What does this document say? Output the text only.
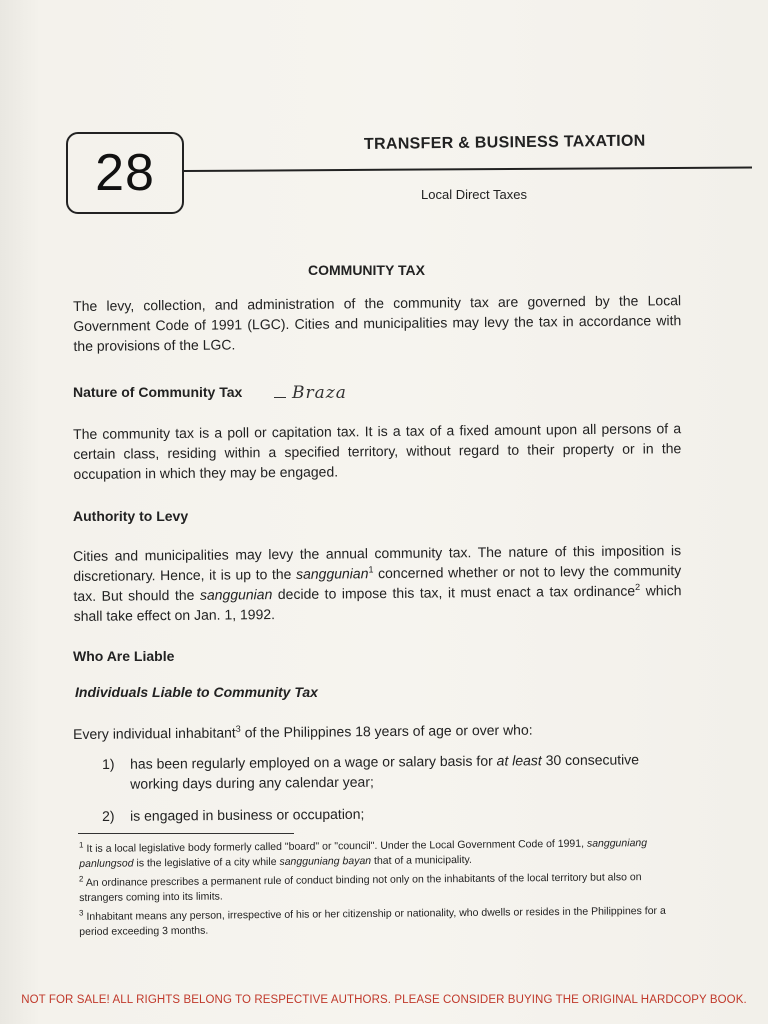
28
TRANSFER & BUSINESS TAXATION
Local Direct Taxes
COMMUNITY TAX
The levy, collection, and administration of the community tax are governed by the Local Government Code of 1991 (LGC). Cities and municipalities may levy the tax in accordance with the provisions of the LGC.
Nature of Community Tax	Braza
The community tax is a poll or capitation tax. It is a tax of a fixed amount upon all persons of a certain class, residing within a specified territory, without regard to their property or in the occupation in which they may be engaged.
Authority to Levy
Cities and municipalities may levy the annual community tax. The nature of this imposition is discretionary. Hence, it is up to the sanggunian$^1$ concerned whether or not to levy the community tax. But should the sanggunian decide to impose this tax, it must enact a tax ordinance$^2$ which shall take effect on Jan. 1, 1992.
Who Are Liable
Individuals Liable to Community Tax
Every individual inhabitant$^3$ of the Philippines 18 years of age or over who:
1)	has been regularly employed on a wage or salary basis for at least 30 consecutive working days during any calendar year;
2)	is engaged in business or occupation;
$^1$ It is a local legislative body formerly called "board" or "council". Under the Local Government Code of 1991, sangguniang panlungsod is the legislative of a city while sangguniang bayan that of a municipality.
$^2$ An ordinance prescribes a permanent rule of conduct binding not only on the inhabitants of the local territory but also on strangers coming into its limits.
$^3$ Inhabitant means any person, irrespective of his or her citizenship or nationality, who dwells or resides in the Philippines for a period exceeding 3 months.
NOT FOR SALE! ALL RIGHTS BELONG TO RESPECTIVE AUTHORS. PLEASE CONSIDER BUYING THE ORIGINAL HARDCOPY BOOK.
